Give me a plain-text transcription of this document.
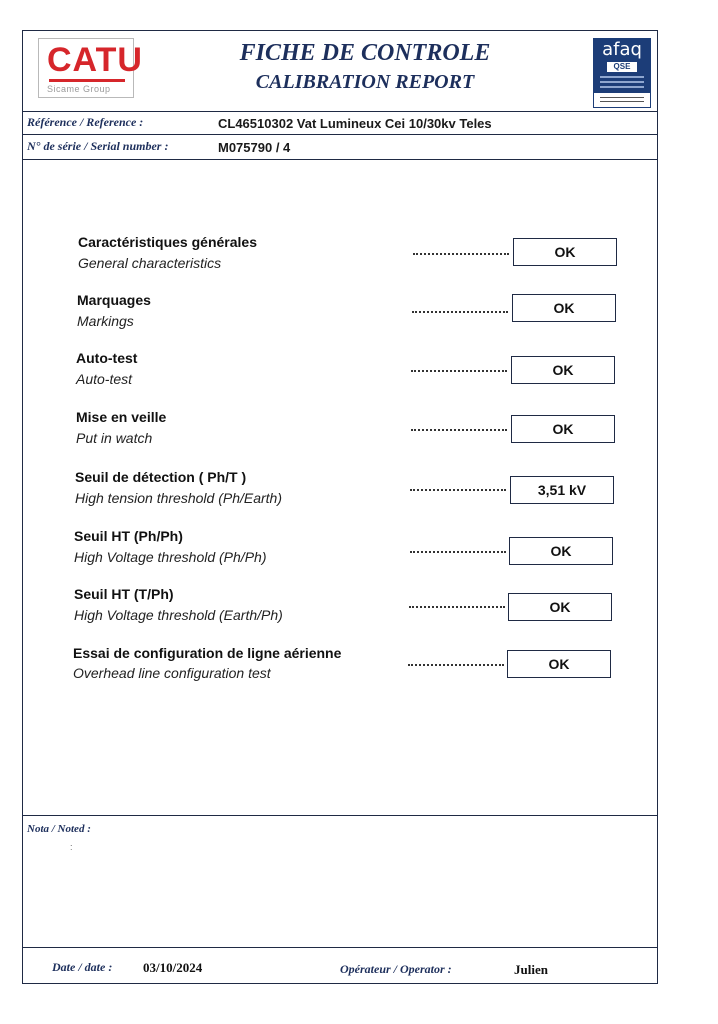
CATU
Sicame Group
FICHE DE CONTROLE
CALIBRATION REPORT
afaq
QSE
Référence / Reference :	CL46510302 Vat Lumineux Cei 10/30kv Teles
N° de série / Serial number :	M075790 / 4
Caractéristiques générales
General characteristics
OK
Marquages
Markings
OK
Auto-test
Auto-test
OK
Mise en veille
Put in watch
OK
Seuil de détection ( Ph/T )
High tension threshold (Ph/Earth)	3,51 kV
Seuil HT (Ph/Ph)
High Voltage threshold (Ph/Ph)	OK
Seuil HT (T/Ph)
High Voltage threshold (Earth/Ph)	OK
Essai de configuration de ligne aérienne
Overhead line configuration test
OK
Nota / Noted :
:
Date / date : 03/10/2024	Opérateur / Operator :	Julien
